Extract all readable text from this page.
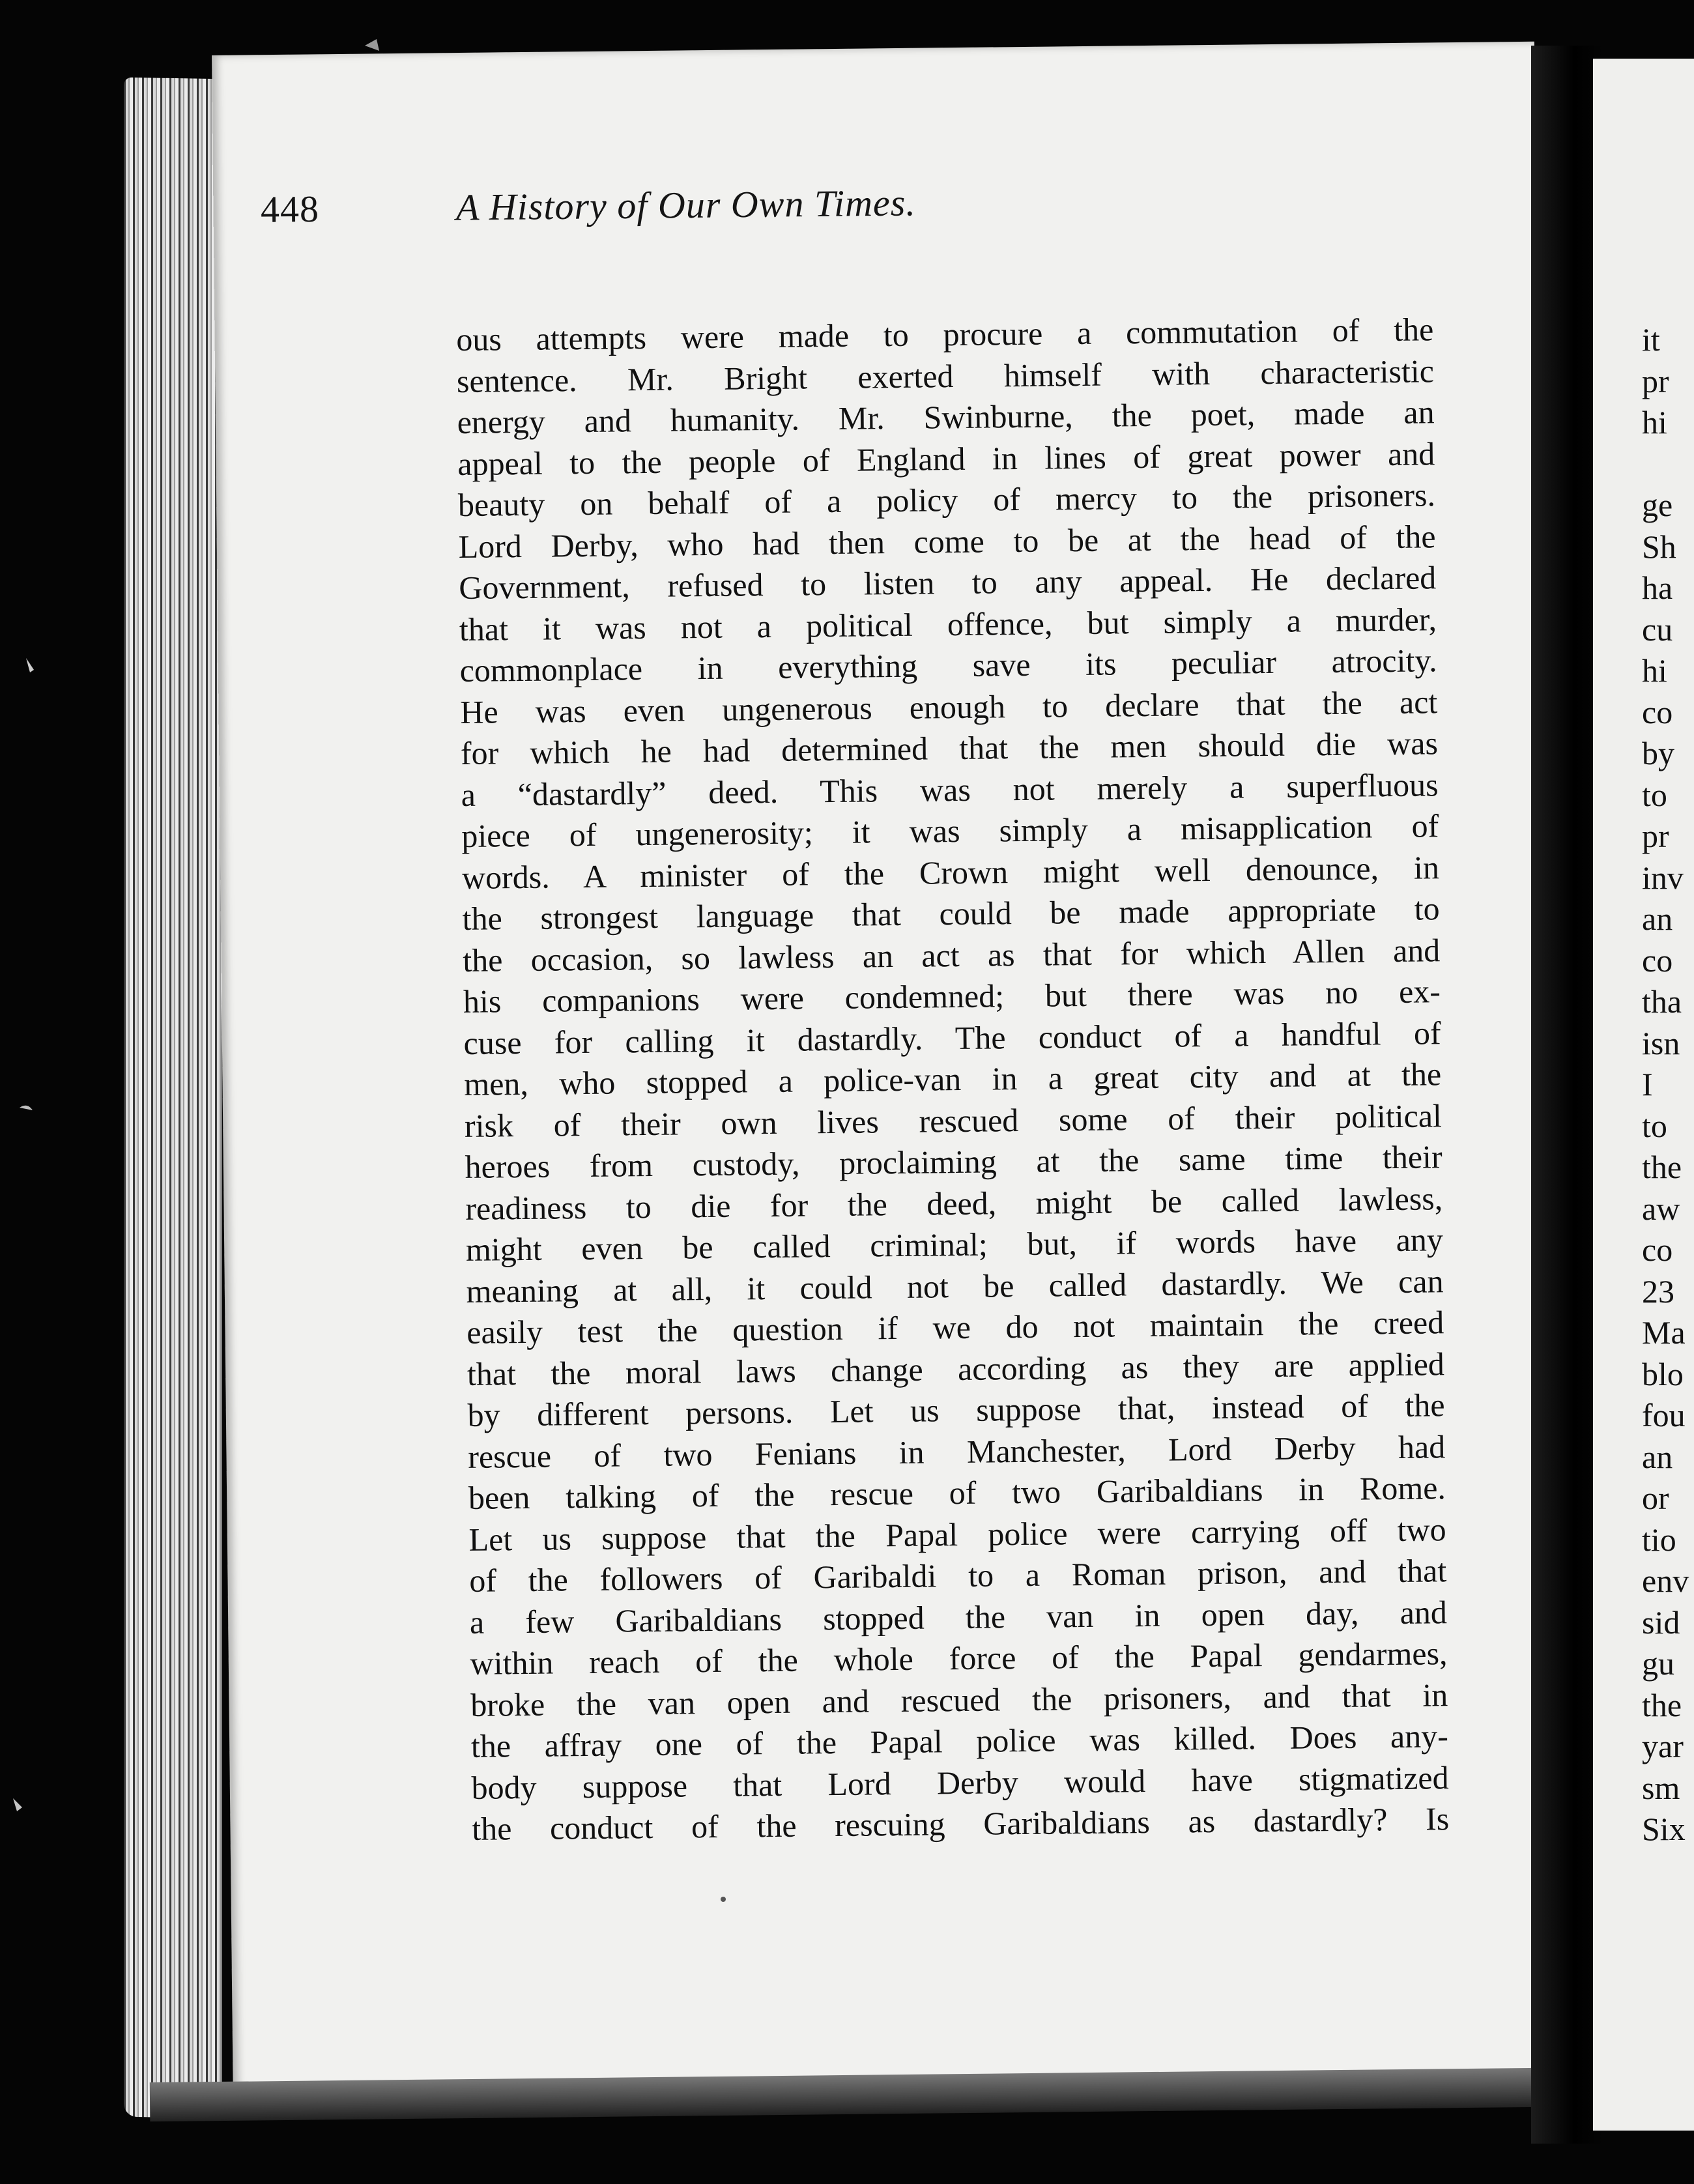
448	A History of Our Own Times.
ous attempts were made to procure a commutation of the
sentence. Mr. Bright exerted himself with characteristic
energy and humanity. Mr. Swinburne, the poet, made an
appeal to the people of England in lines of great power and
beauty on behalf of a policy of mercy to the prisoners.
Lord Derby, who had then come to be at the head of the
Government, refused to listen to any appeal. He declared
that it was not a political offence, but simply a murder,
commonplace in everything save its peculiar atrocity.
He was even ungenerous enough to declare that the act
for which he had determined that the men should die was
a “dastardly” deed. This was not merely a superfluous
piece of ungenerosity; it was simply a misapplication of
words. A minister of the Crown might well denounce, in
the strongest language that could be made appropriate to
the occasion, so lawless an act as that for which Allen and
his companions were condemned; but there was no ex-
cuse for calling it dastardly. The conduct of a handful of
men, who stopped a police-van in a great city and at the
risk of their own lives rescued some of their political
heroes from custody, proclaiming at the same time their
readiness to die for the deed, might be called lawless,
might even be called criminal; but, if words have any
meaning at all, it could not be called dastardly. We can
easily test the question if we do not maintain the creed
that the moral laws change according as they are applied
by different persons. Let us suppose that, instead of the
rescue of two Fenians in Manchester, Lord Derby had
been talking of the rescue of two Garibaldians in Rome.
Let us suppose that the Papal police were carrying off two
of the followers of Garibaldi to a Roman prison, and that
a few Garibaldians stopped the van in open day, and
within reach of the whole force of the Papal gendarmes,
broke the van open and rescued the prisoners, and that in
the affray one of the Papal police was killed. Does any-
body suppose that Lord Derby would have stigmatized
the conduct of the rescuing Garibaldians as dastardly? Is
it
pr
hi
ge
Sh
ha
cu
hi
co
by
to
pr
inv
an
co
tha
isn
I
to
the
aw
co
23
Ma
blo
fou
an
or
tio
env
sid
gu
the
yar
sm
Six
